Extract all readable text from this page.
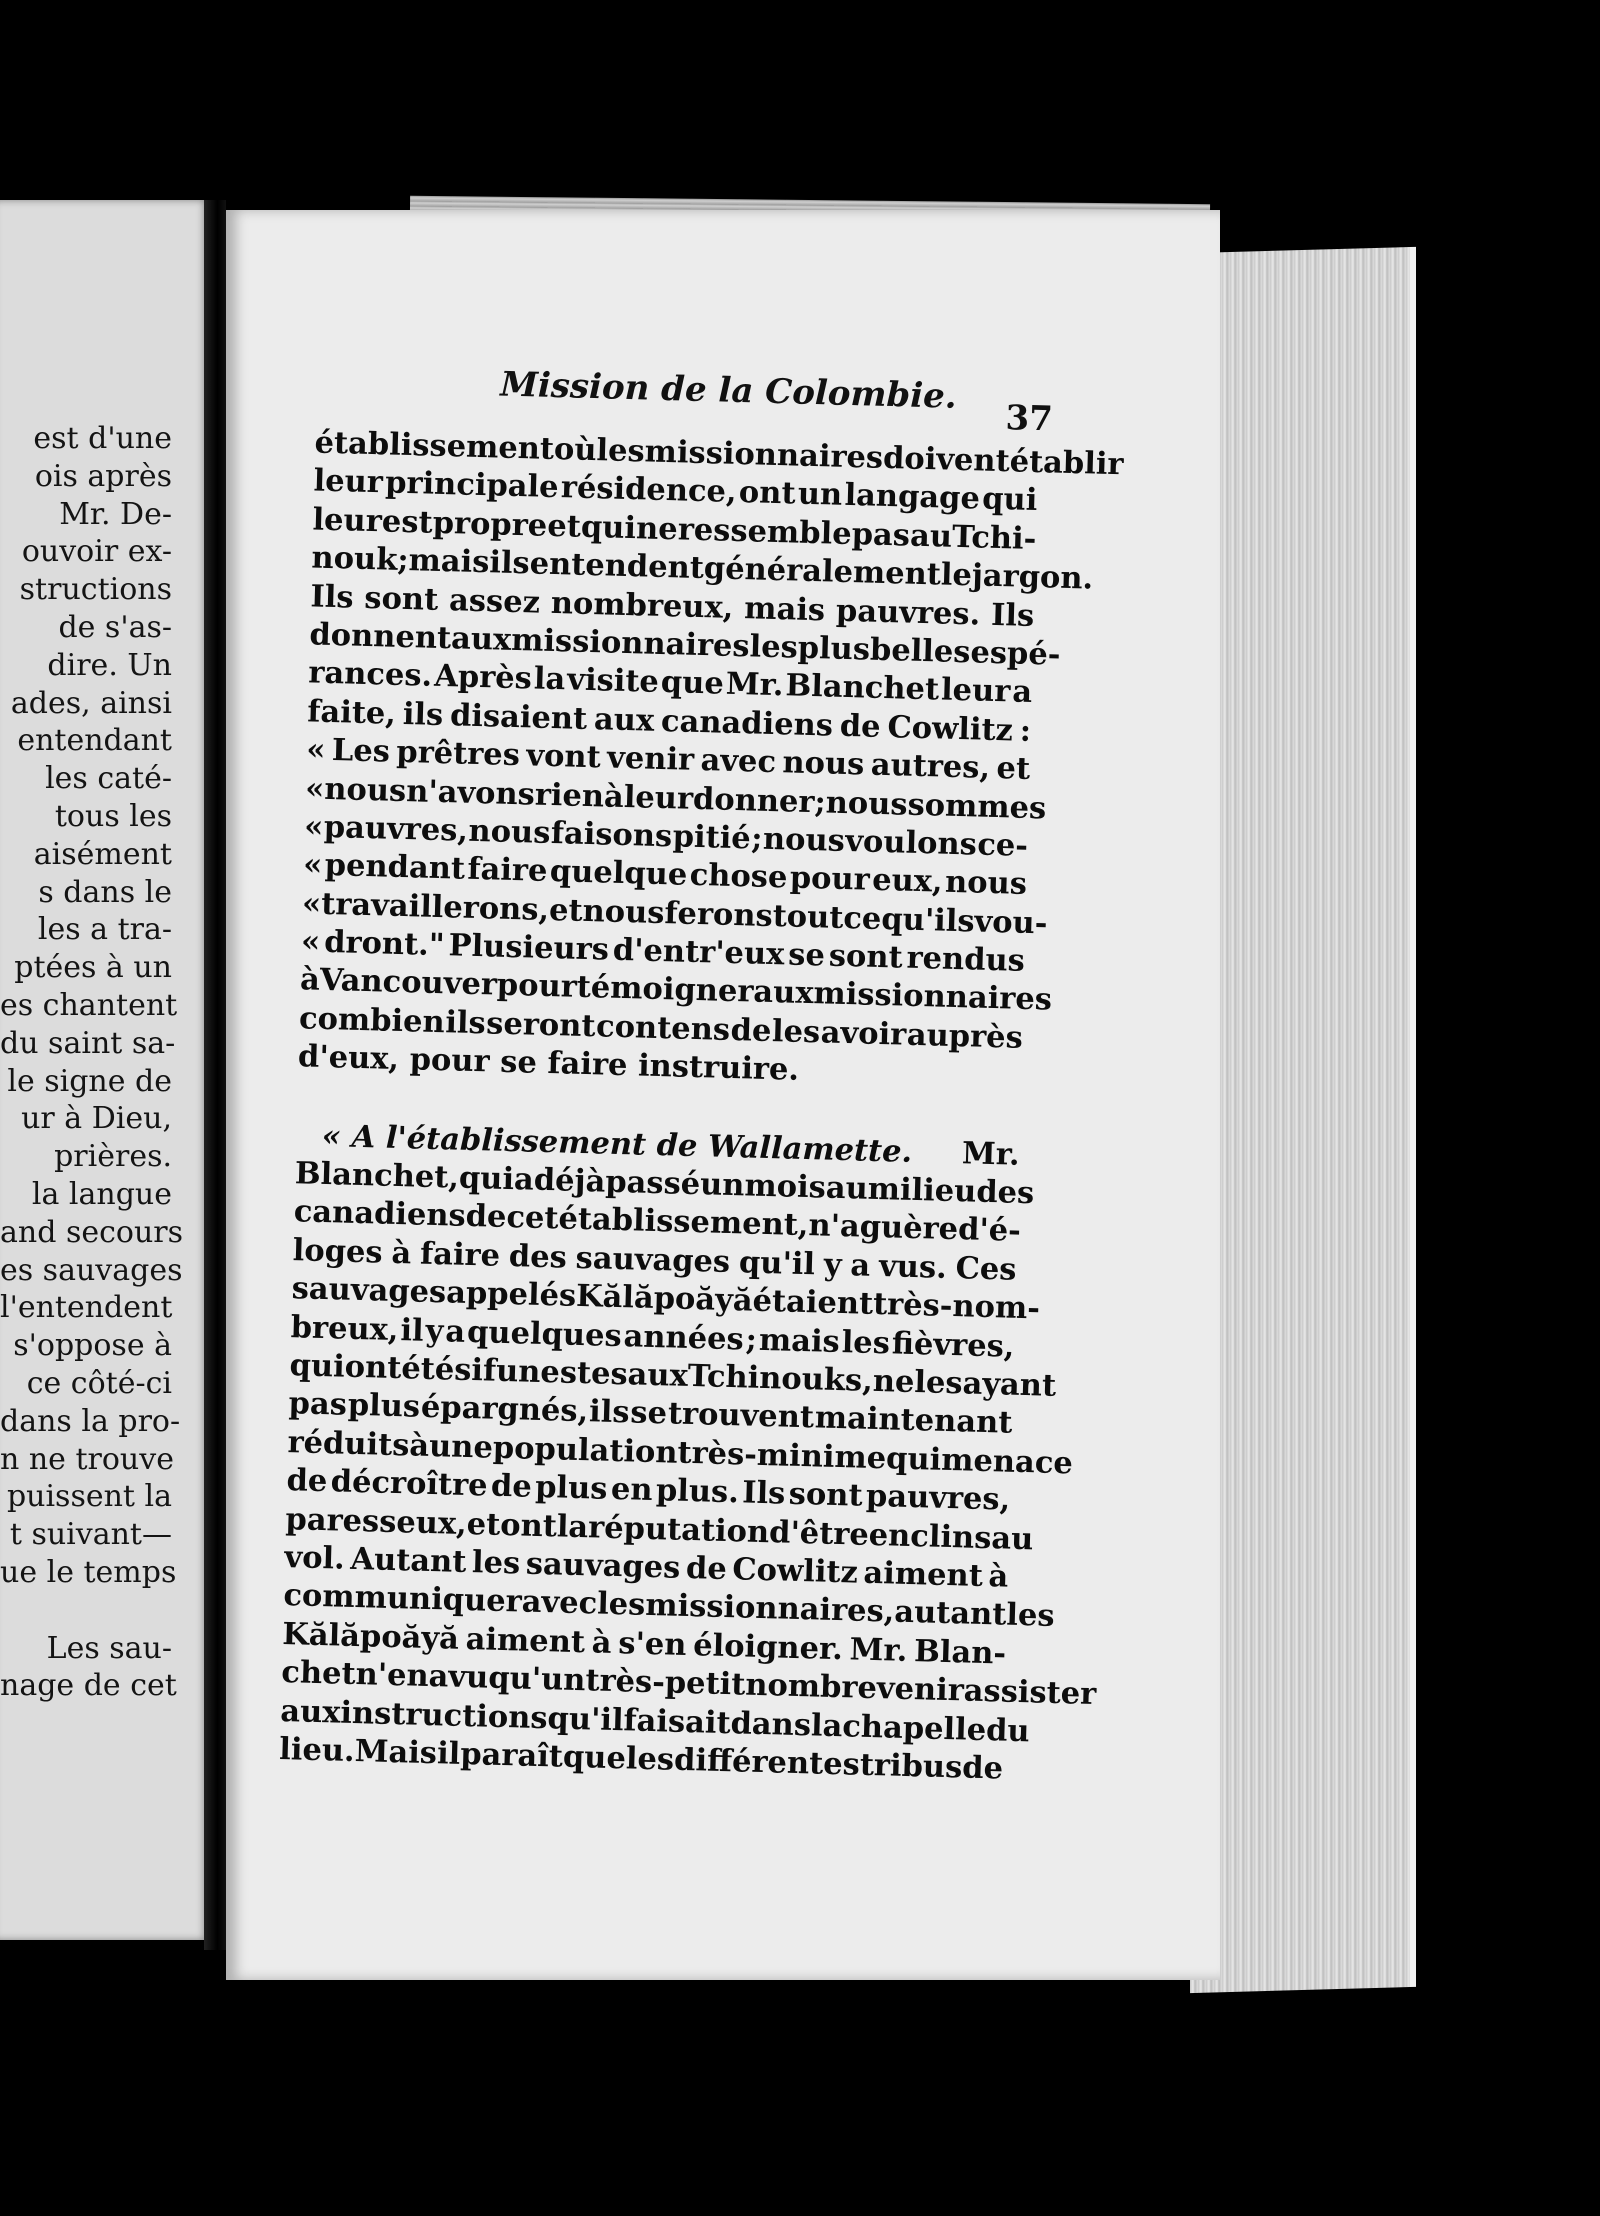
est d'une
ois après
Mr. De-
ouvoir ex-
structions
de s'as-
dire. Un
ades, ainsi
entendant
les caté-
tous les
aisément
s dans le
les a tra-
ptées à un
es chantent
du saint sa-
le signe de
ur à Dieu,
prières.
la langue
and secours
es sauvages
l'entendent
s'oppose à
ce côté-ci
dans la pro-
n ne trouve
puissent la
t suivant—
ue le temps
Les sau-
nage de cet
Mission de la Colombie.
37
établissement où les missionnaires doivent établir
leur principale résidence, ont un langage qui
leur est propre et qui ne ressemble pas au Tchi-
nouk ; mais ils entendent généralement le jargon.
Ils sont assez nombreux, mais pauvres. Ils
donnent aux missionnaires les plus belles espé-
rances. Après la visite que Mr. Blanchet leur a
faite, ils disaient aux canadiens de Cowlitz :
« Les prêtres vont venir avec nous autres, et
« nous n'avons rien à leur donner ; nous sommes
« pauvres, nous faisons pitié ; nous voulons ce-
« pendant faire quelque chose pour eux, nous
« travaillerons, et nous ferons tout ce qu'ils vou-
« dront." Plusieurs d'entr'eux se sont rendus
à Vancouver pour témoigner aux missionnaires
combien ils seront contens de les avoir auprès
d'eux, pour se faire instruire.
« A l'établissement de Wallamette. Mr.
Blanchet, qui a déjà passé un mois au milieu des
canadiens de cet établissement, n'a guère d'é-
loges à faire des sauvages qu'il y a vus. Ces
sauvages appelés Kălăpoăyă étaient très-nom-
breux, il y a quelques années ; mais les fièvres,
qui ont été si funestes aux Tchinouks, ne les ayant
pas plus épargnés, ils se trouvent maintenant
réduits à une population très-minime qui menace
de décroître de plus en plus. Ils sont pauvres,
paresseux, et ont la réputation d'être enclins au
vol. Autant les sauvages de Cowlitz aiment à
communiquer avec les missionnaires, autant les
Kălăpoăyă aiment à s'en éloigner. Mr. Blan-
chet n'en a vu qu'un très-petit nombre venir assister
aux instructions qu'il faisait dans la chapelle du
lieu. Mais il paraît que les différentes tribus de
